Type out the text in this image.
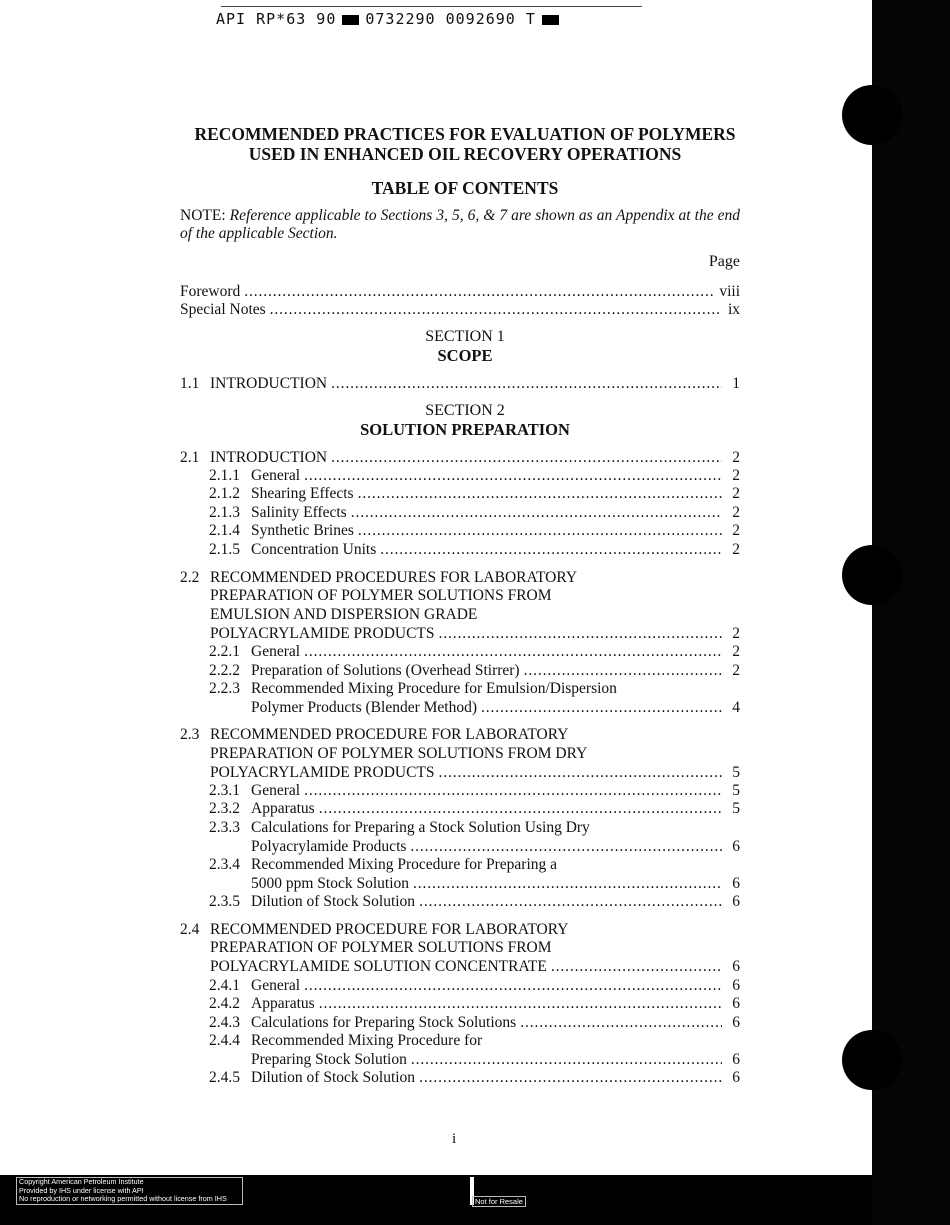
API RP*63 90 0732290 0092690 T
RECOMMENDED PRACTICES FOR EVALUATION OF POLYMERS
USED IN ENHANCED OIL RECOVERY OPERATIONS
TABLE OF CONTENTS
NOTE: Reference applicable to Sections 3, 5, 6, & 7 are shown as an Appendix at the end of the applicable Section.
Page
Foreword . . .	viii
Special Notes . . .	ix
SECTION 1
SCOPE
1.1 INTRODUCTION . . .	1
SECTION 2
SOLUTION PREPARATION
2.1 INTRODUCTION . . .	2
2.1.1 General . . .	2
2.1.2 Shearing Effects . . .	2
2.1.3 Salinity Effects . . .	2
2.1.4 Synthetic Brines . . .	2
2.1.5 Concentration Units . . .	2
2.2 RECOMMENDED PROCEDURES FOR LABORATORY
PREPARATION OF POLYMER SOLUTIONS FROM
EMULSION AND DISPERSION GRADE
POLYACRYLAMIDE PRODUCTS . . .	2
2.2.1 General . . .	2
2.2.2 Preparation of Solutions (Overhead Stirrer) . . .	2
2.2.3 Recommended Mixing Procedure for Emulsion/Dispersion
Polymer Products (Blender Method) . . .	4
2.3 RECOMMENDED PROCEDURE FOR LABORATORY
PREPARATION OF POLYMER SOLUTIONS FROM DRY
POLYACRYLAMIDE PRODUCTS . . .	5
2.3.1 General . . .	5
2.3.2 Apparatus . . .	5
2.3.3 Calculations for Preparing a Stock Solution Using Dry
Polyacrylamide Products . . .	6
2.3.4 Recommended Mixing Procedure for Preparing a
5000 ppm Stock Solution . . .	6
2.3.5 Dilution of Stock Solution . . .	6
2.4 RECOMMENDED PROCEDURE FOR LABORATORY
PREPARATION OF POLYMER SOLUTIONS FROM
POLYACRYLAMIDE SOLUTION CONCENTRATE . . .	6
2.4.1 General . . .	6
2.4.2 Apparatus . . .	6
2.4.3 Calculations for Preparing Stock Solutions . . .	6
2.4.4 Recommended Mixing Procedure for
Preparing Stock Solution . . .	6
2.4.5 Dilution of Stock Solution . . .	6
i
Copyright American Petroleum Institute
Provided by IHS under license with API
No reproduction or networking permitted without license from IHS	Not for Resale
